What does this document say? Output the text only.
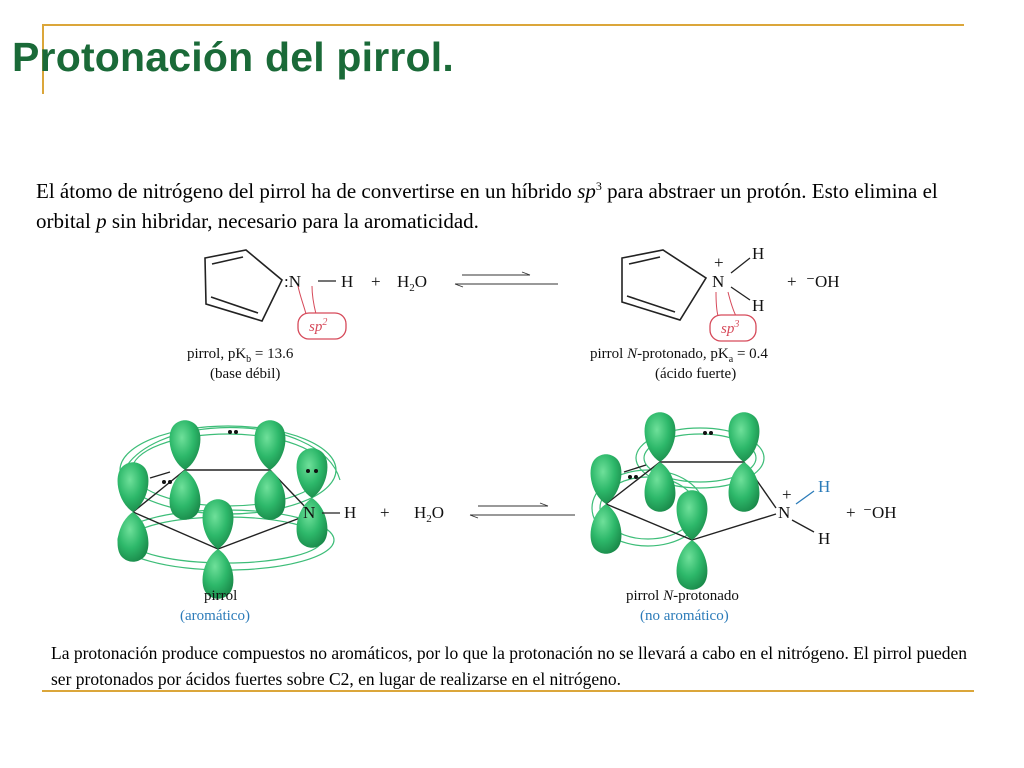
Protonación del pirrol.
El átomo de nitrógeno del pirrol ha de convertirse en un híbrido $sp^3$ para abstraer un protón. Esto elimina el orbital p sin hibridar, necesario para la aromaticidad.
:N $H + H_2O$
$sp^2$
N
+ H
H
+ ⁻OH
$sp^3$
pirrol, $pK_b = 13.6$
(base débil)
pirrol N-protonado, $pK_a = 0.4$
(ácido fuerte)
N $H + H_2O$	N
+ H
H
+ ⁻OH
pirrol
(aromático)
pirrol N-protonado
(no aromático)
La protonación produce compuestos no aromáticos, por lo que la protonación no se llevará a cabo en el nitrógeno. El pirrol pueden ser protonados por ácidos fuertes sobre C2, en lugar de realizarse en el nitrógeno.
